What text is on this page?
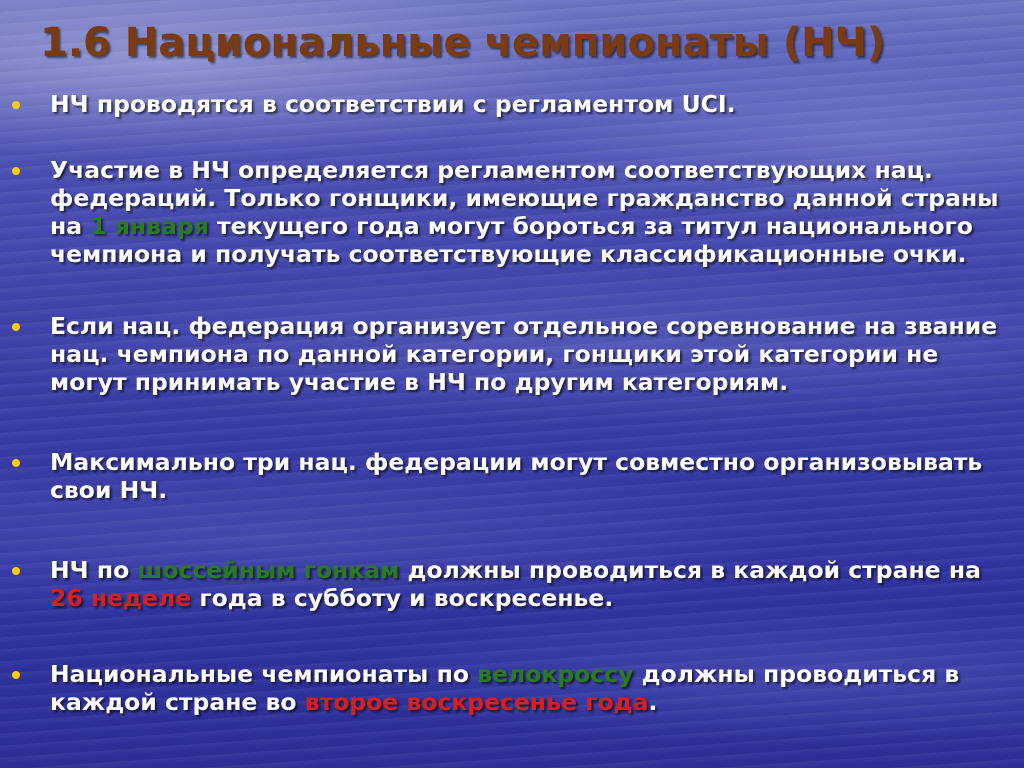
1.6 Национальные чемпионаты (НЧ)
НЧ проводятся в соответствии с регламентом UCI.
Участие в НЧ определяется регламентом соответствующих нац. федераций. Только гонщики, имеющие гражданство данной страны на 1 января текущего года могут бороться за титул национального чемпиона и получать соответствующие классификационные очки.
Если нац. федерация организует отдельное соревнование на звание нац. чемпиона по данной категории, гонщики этой категории не могут принимать участие в НЧ по другим категориям.
Максимально три нац. федерации могут совместно организовывать свои НЧ.
НЧ по шоссейным гонкам должны проводиться в каждой стране на 26 неделе года в субботу и воскресенье.
Национальные чемпионаты по велокроссу должны проводиться в каждой стране во второе воскресенье года.
